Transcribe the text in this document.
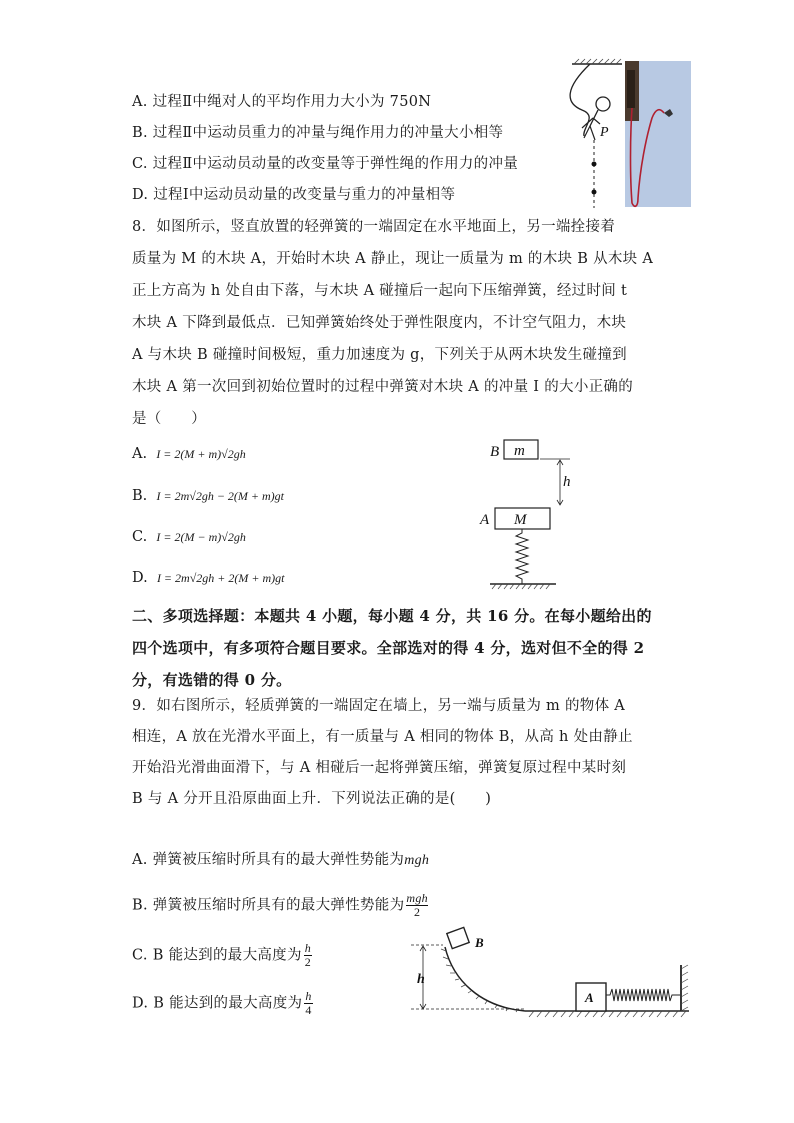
A. 过程Ⅱ中绳对人的平均作用力大小为 750N
B. 过程Ⅱ中运动员重力的冲量与绳作用力的冲量大小相等
C. 过程Ⅱ中运动员动量的改变量等于弹性绳的作用力的冲量
D. 过程Ⅰ中运动员动量的改变量与重力的冲量相等
P
8．如图所示，竖直放置的轻弹簧的一端固定在水平地面上，另一端拴接着
质量为 M 的木块 A，开始时木块 A 静止，现让一质量为 m 的木块 B 从木块 A
正上方高为 h 处自由下落，与木块 A 碰撞后一起向下压缩弹簧，经过时间 t
木块 A 下降到最低点．已知弹簧始终处于弹性限度内，不计空气阻力，木块
A 与木块 B 碰撞时间极短，重力加速度为 g，下列关于从两木块发生碰撞到
木块 A 第一次回到初始位置时的过程中弹簧对木块 A 的冲量 I 的大小正确的
是（　　）
A. I = 2(M + m)√2gh
B. I = 2m√2gh − 2(M + m)gt
C. I = 2(M − m)√2gh
D. I = 2m√2gh + 2(M + m)gt
B m
h
A M
二、多项选择题：本题共 4 小题，每小题 4 分，共 16 分。在每小题给出的
四个选项中，有多项符合题目要求。全部选对的得 4 分，选对但不全的得 2
分，有选错的得 0 分。
9．如右图所示，轻质弹簧的一端固定在墙上，另一端与质量为 m 的物体 A
相连，A 放在光滑水平面上，有一质量与 A 相同的物体 B，从高 h 处由静止
开始沿光滑曲面滑下，与 A 相碰后一起将弹簧压缩，弹簧复原过程中某时刻
B 与 A 分开且沿原曲面上升．下列说法正确的是(　　)
A. 弹簧被压缩时所具有的最大弹性势能为mgh
B. 弹簧被压缩时所具有的最大弹性势能为 mgh
2
C. B 能达到的最大高度为 $\frac{h}{2}$
D. B 能达到的最大高度为 $\frac{h}{4}$
h
B
A
